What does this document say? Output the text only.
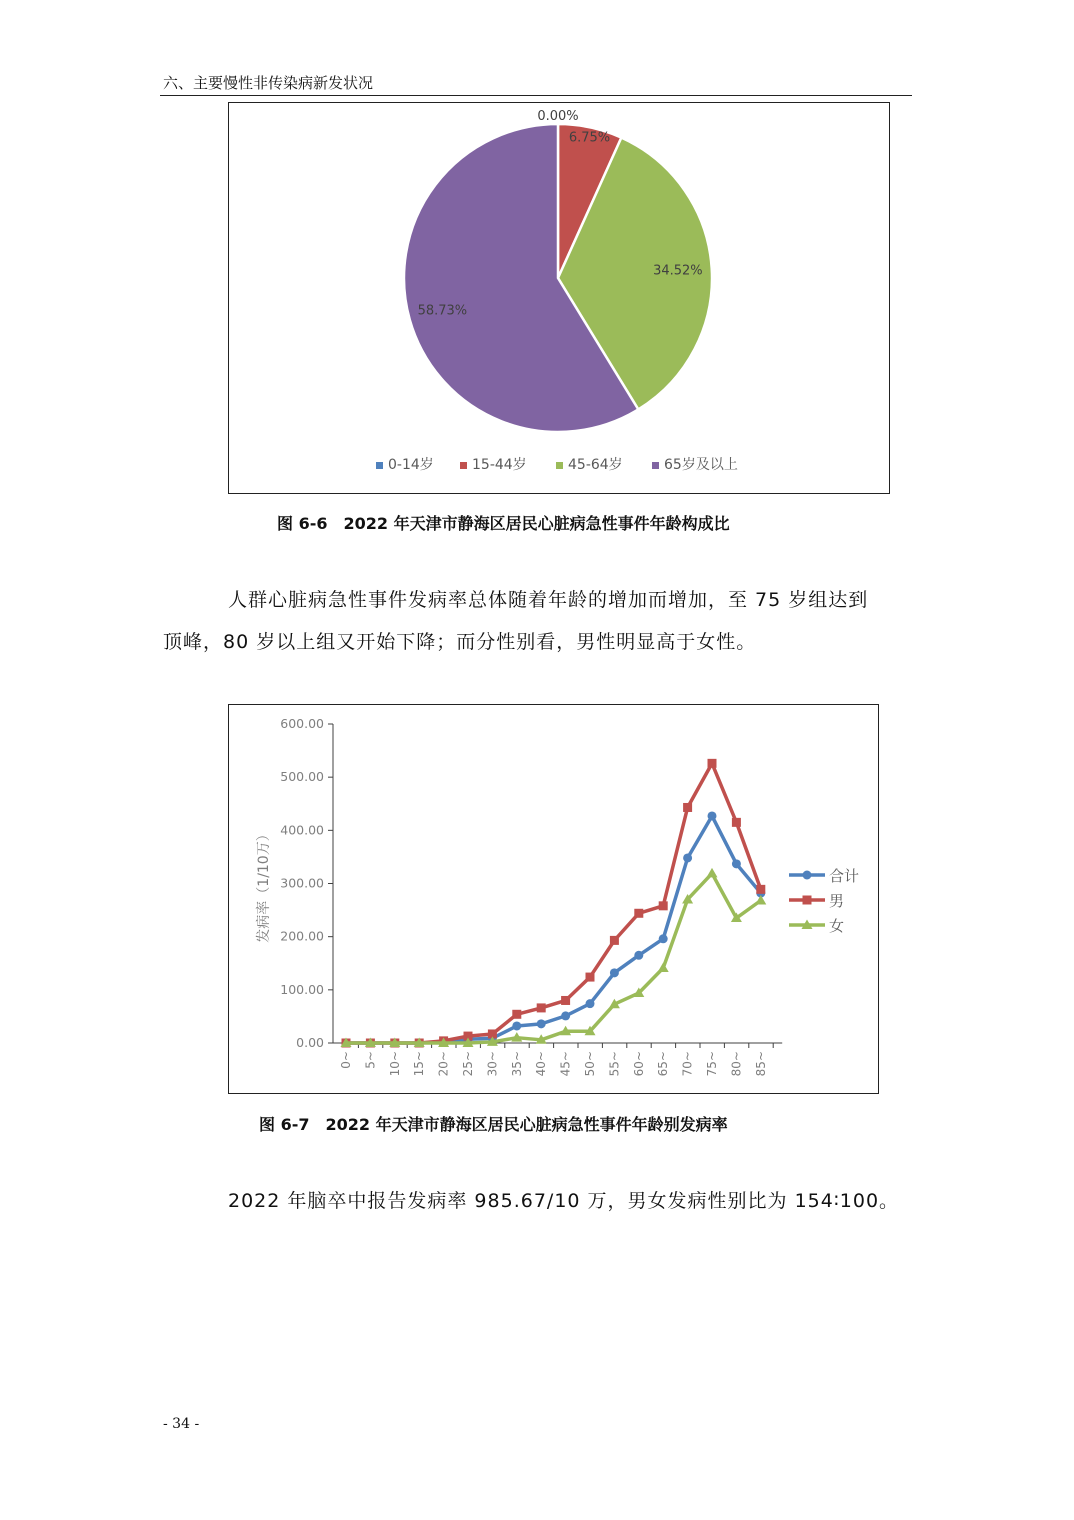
六、主要慢性非传染病新发状况
0.00%
6.75%
34.52%
58.73%
0-14岁	15-44岁	45-64岁	65岁及以上
图 6-6　2022 年天津市静海区居民心脏病急性事件年龄构成比
人群心脏病急性事件发病率总体随着年龄的增加而增加，至 75 岁组达到
顶峰，80 岁以上组又开始下降；而分性别看，男性明显高于女性。
0.00
100.00
200.00
300.00
400.00
500.00
600.00
0~ 5~ 10~ 15~ 20~ 25~ 30~ 35~ 40~ 45~ 50~ 55~ 60~ 65~ 70~ 75~ 80~ 85~
发病率（1/10万）	合计
男
女
图 6-7　2022 年天津市静海区居民心脏病急性事件年龄别发病率
2022 年脑卒中报告发病率 985.67/10 万，男女发病性别比为 154∶100。
- 34 -
